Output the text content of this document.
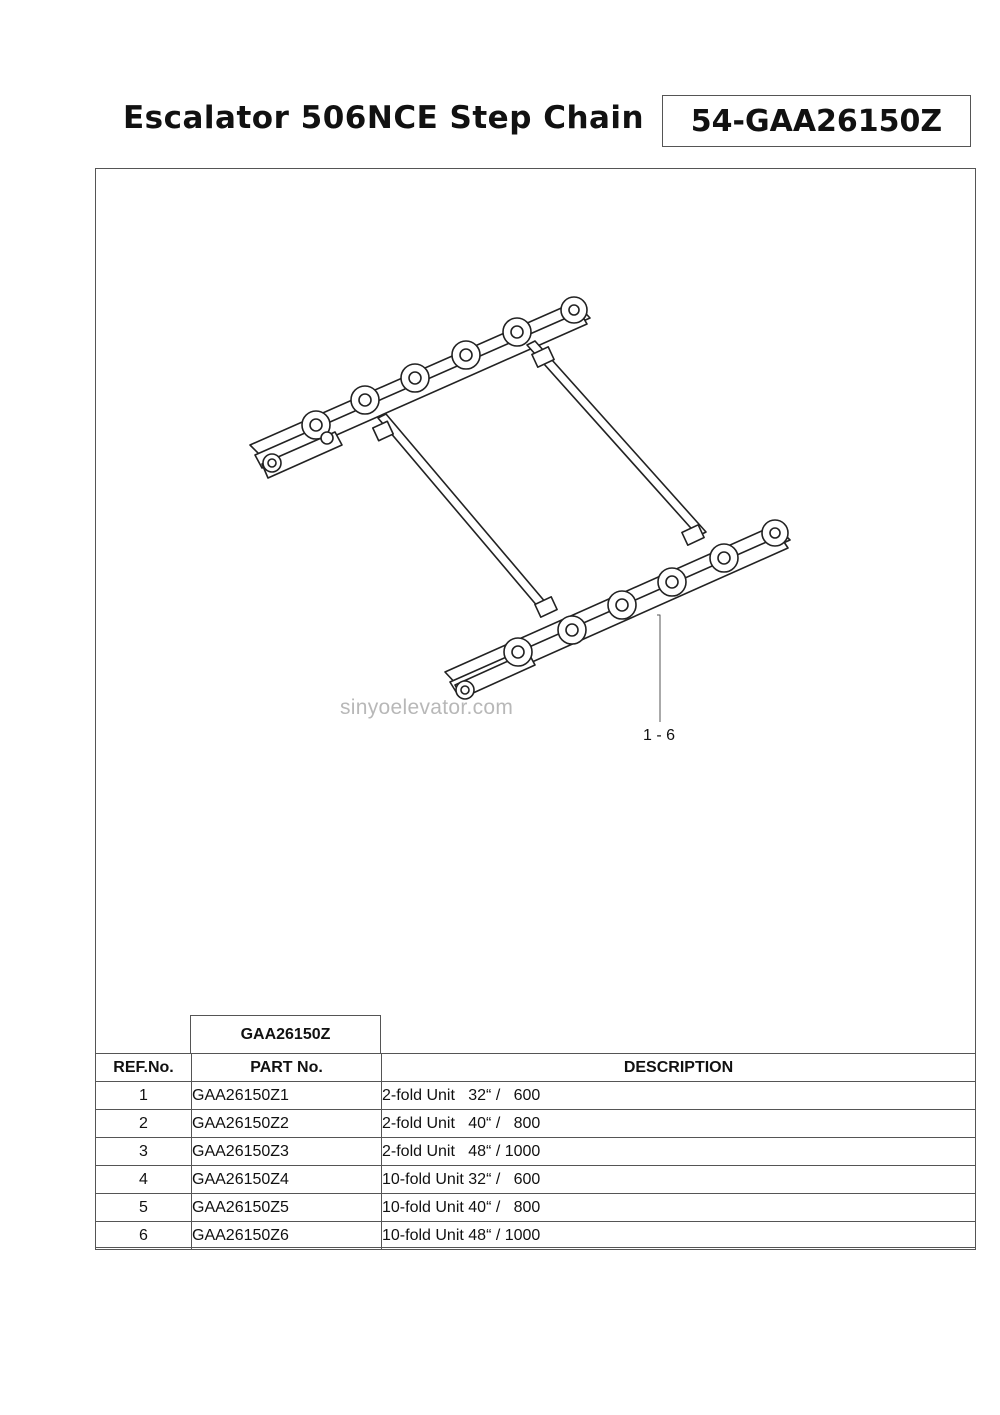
Escalator 506NCE Step Chain 54-GAA26150Z
sinyoelevator.com
1 - 6
GAA26150Z
REF.No.	PART No.	DESCRIPTION
1	GAA26150Z1	2-fold Unit   32“ /   600
2	GAA26150Z2	2-fold Unit   40“ /   800
3	GAA26150Z3	2-fold Unit   48“ / 1000
4	GAA26150Z4	10-fold Unit 32“ /   600
5	GAA26150Z5	10-fold Unit 40“ /   800
6	GAA26150Z6	10-fold Unit 48“ / 1000
